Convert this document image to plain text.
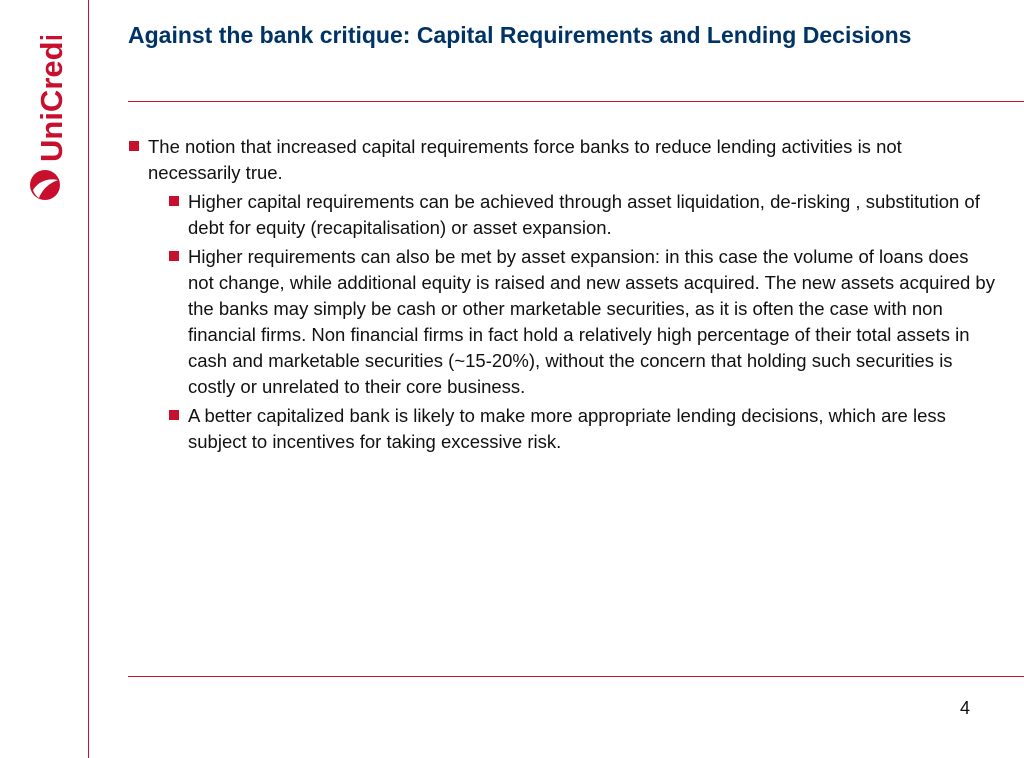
UniCredit	Against the bank critique: Capital Requirements and Lending Decisions
The notion that increased capital requirements force banks to reduce lending activities is not necessarily true.
Higher capital requirements can be achieved through asset liquidation, de-risking , substitution of debt for equity (recapitalisation) or asset expansion.
Higher requirements can also be met by asset expansion: in this case the volume of loans does not change, while additional equity is raised and new assets acquired. The new assets acquired by the banks may simply be cash or other marketable securities, as it is often the case with non financial firms. Non financial firms in fact hold a relatively high percentage of their total assets in cash and marketable securities (~15-20%), without the concern that holding such securities is costly or unrelated to their core business.
A better capitalized bank is likely to make more appropriate lending decisions, which are less subject to incentives for taking excessive risk.
4
